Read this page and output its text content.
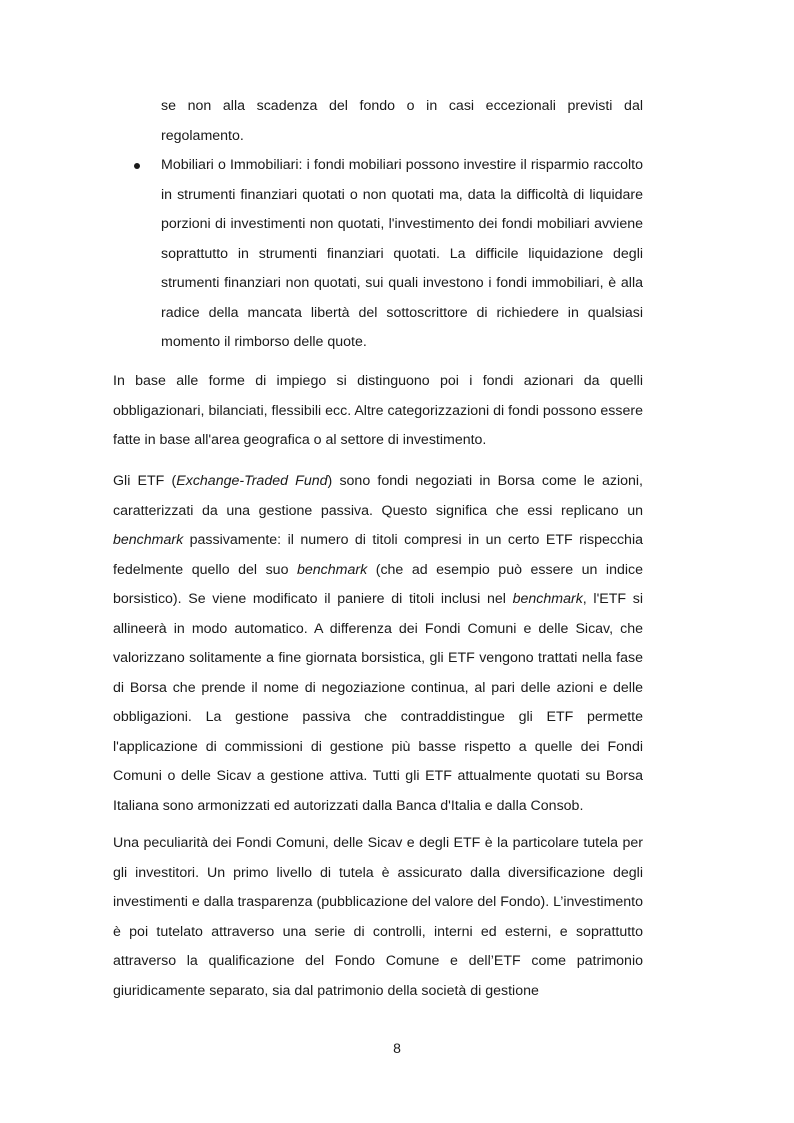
se non alla scadenza del fondo o in casi eccezionali previsti dal regolamento.
Mobiliari o Immobiliari: i fondi mobiliari possono investire il risparmio raccolto in strumenti finanziari quotati o non quotati ma, data la difficoltà di liquidare porzioni di investimenti non quotati, l'investimento dei fondi mobiliari avviene soprattutto in strumenti finanziari quotati. La difficile liquidazione degli strumenti finanziari non quotati, sui quali investono i fondi immobiliari, è alla radice della mancata libertà del sottoscrittore di richiedere in qualsiasi momento il rimborso delle quote.

In base alle forme di impiego si distinguono poi i fondi azionari da quelli obbligazionari, bilanciati, flessibili ecc. Altre categorizzazioni di fondi possono essere fatte in base all'area geografica o al settore di investimento.

Gli ETF (Exchange-Traded Fund) sono fondi negoziati in Borsa come le azioni, caratterizzati da una gestione passiva. Questo significa che essi replicano un benchmark passivamente: il numero di titoli compresi in un certo ETF rispecchia fedelmente quello del suo benchmark (che ad esempio può essere un indice borsistico). Se viene modificato il paniere di titoli inclusi nel benchmark, l'ETF si allineerà in modo automatico. A differenza dei Fondi Comuni e delle Sicav, che valorizzano solitamente a fine giornata borsistica, gli ETF vengono trattati nella fase di Borsa che prende il nome di negoziazione continua, al pari delle azioni e delle obbligazioni. La gestione passiva che contraddistingue gli ETF permette l'applicazione di commissioni di gestione più basse rispetto a quelle dei Fondi Comuni o delle Sicav a gestione attiva. Tutti gli ETF attualmente quotati su Borsa Italiana sono armonizzati ed autorizzati dalla Banca d'Italia e dalla Consob.

Una peculiarità dei Fondi Comuni, delle Sicav e degli ETF è la particolare tutela per gli investitori. Un primo livello di tutela è assicurato dalla diversificazione degli investimenti e dalla trasparenza (pubblicazione del valore del Fondo). L’investimento è poi tutelato attraverso una serie di controlli, interni ed esterni, e soprattutto attraverso la qualificazione del Fondo Comune e dell’ETF come patrimonio giuridicamente separato, sia dal patrimonio della società di gestione

8
